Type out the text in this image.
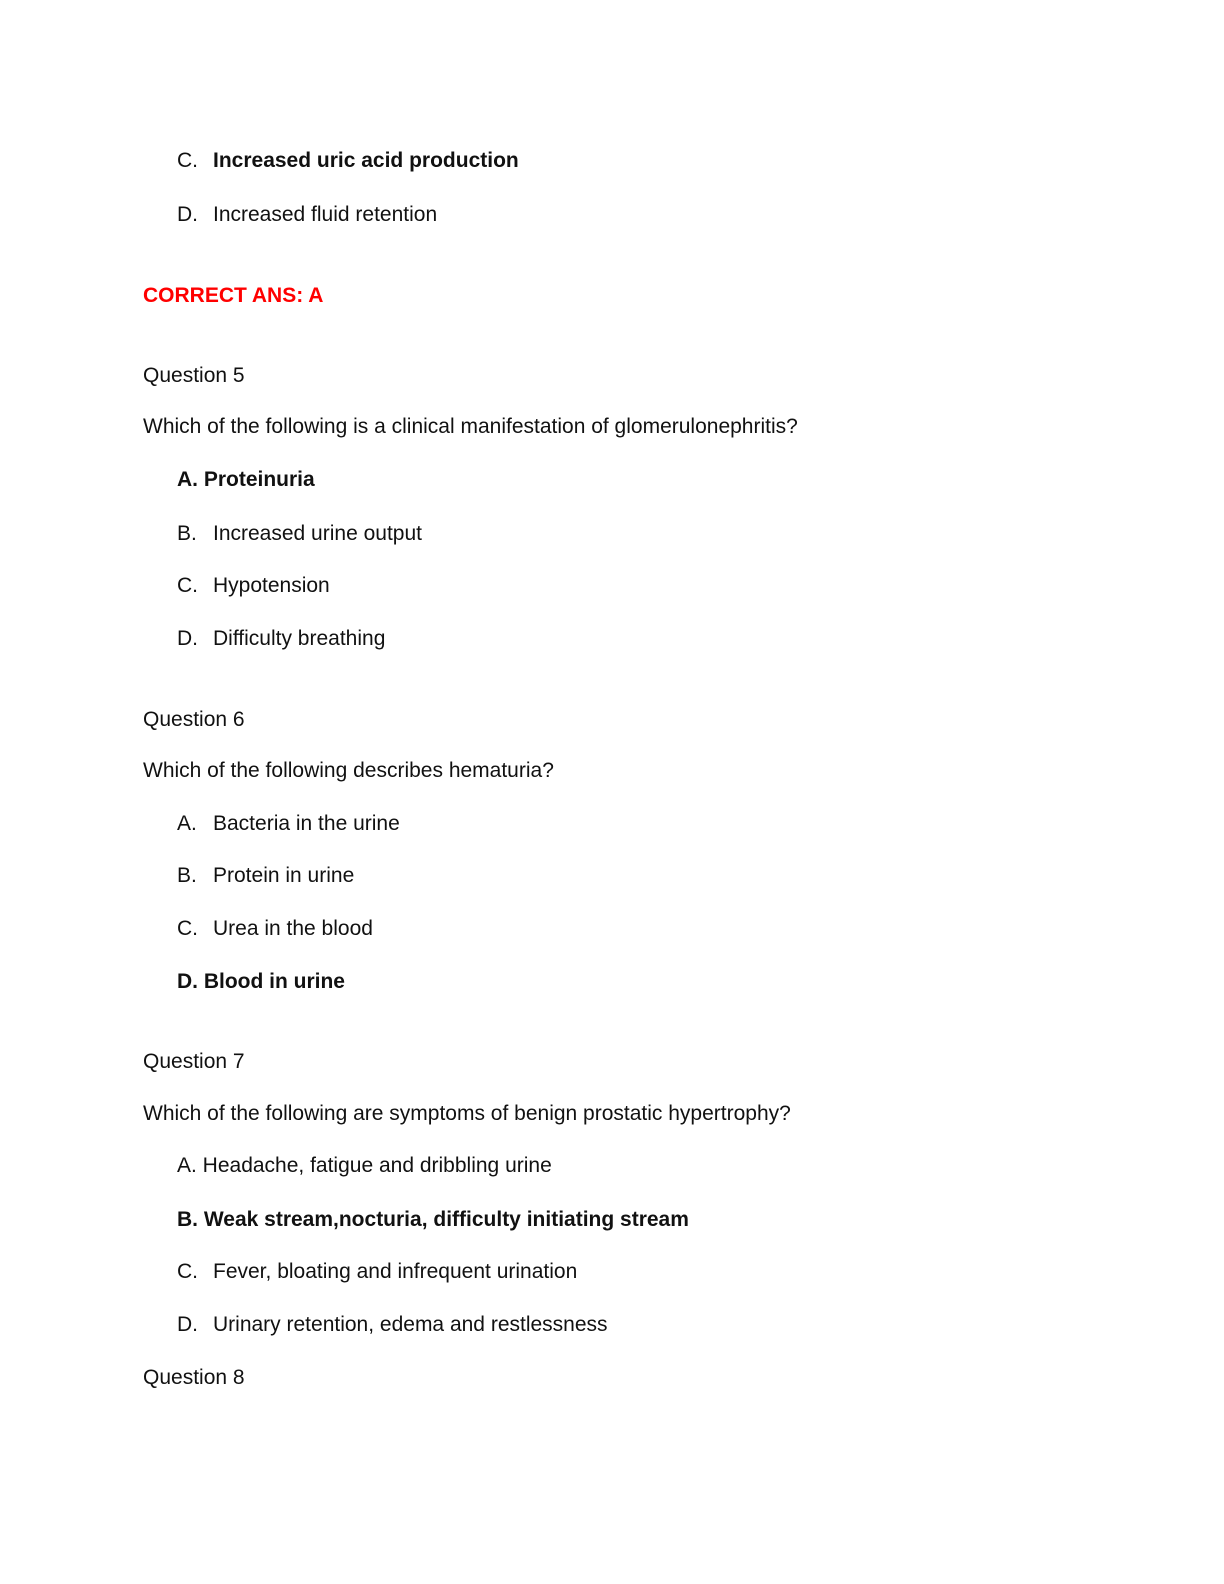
C. Increased uric acid production
D. Increased fluid retention
CORRECT ANS: A
Question 5
Which of the following is a clinical manifestation of glomerulonephritis?
A. Proteinuria
B. Increased urine output
C. Hypotension
D. Difficulty breathing
Question 6
Which of the following describes hematuria?
A. Bacteria in the urine
B. Protein in urine
C. Urea in the blood
D. Blood in urine
Question 7
Which of the following are symptoms of benign prostatic hypertrophy?
A. Headache, fatigue and dribbling urine
B. Weak stream,nocturia, difficulty initiating stream
C. Fever, bloating and infrequent urination
D. Urinary retention, edema and restlessness
Question 8
